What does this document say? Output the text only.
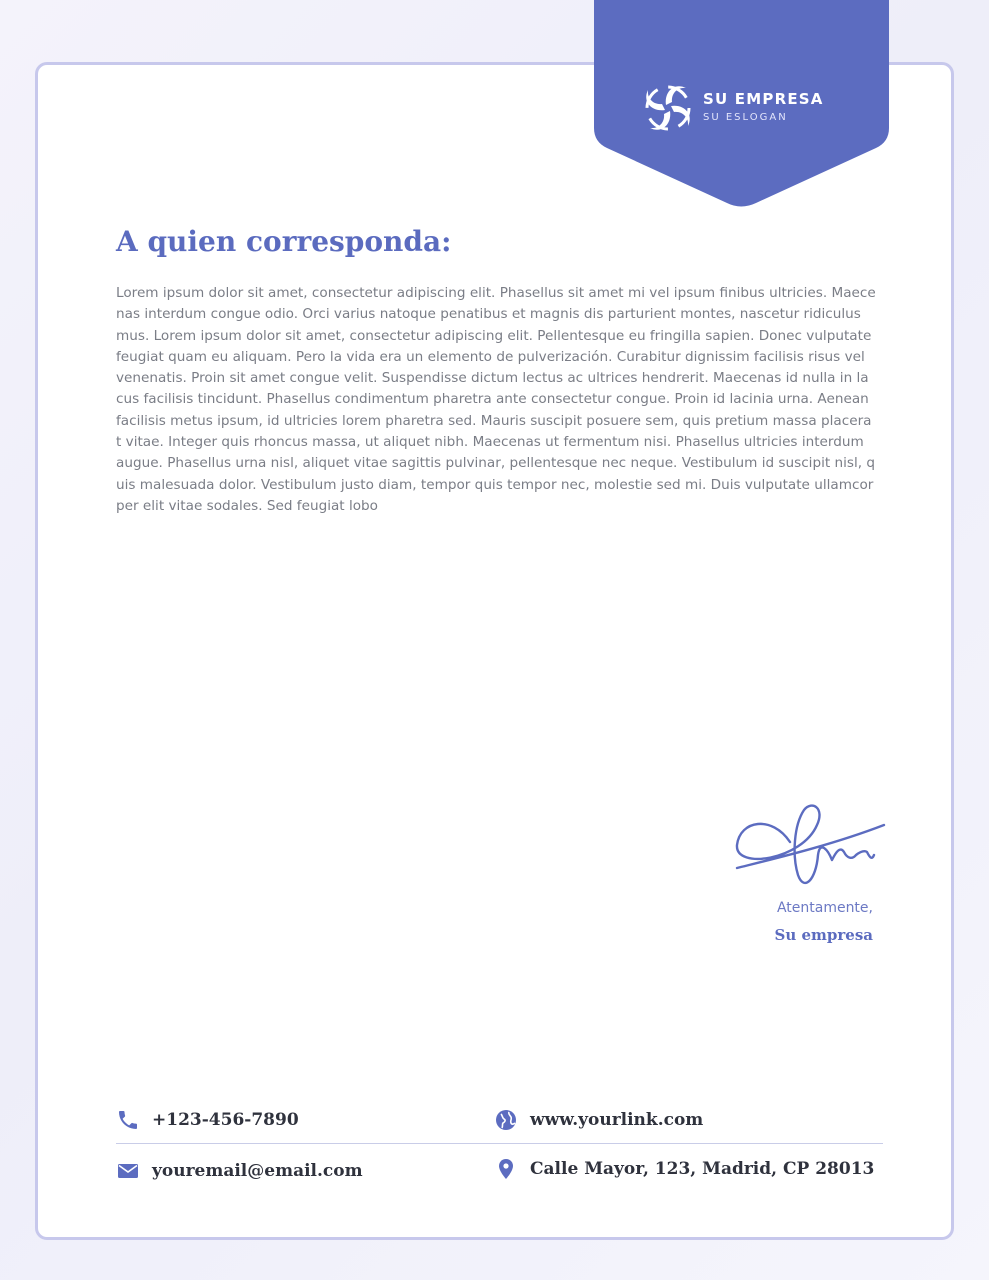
SU EMPRESA
SU ESLOGAN
A quien corresponda:

Lorem ipsum dolor sit amet, consectetur adipiscing elit. Phasellus sit amet mi vel ipsum finibus ultricies. Maecenas interdum congue odio. Orci varius natoque penatibus et magnis dis parturient montes, nascetur ridiculus mus. Lorem ipsum dolor sit amet, consectetur adipiscing elit. Pellentesque eu fringilla sapien. Donec vulputate feugiat quam eu aliquam. Pero la vida era un elemento de pulverización. Curabitur dignissim facilisis risus vel venenatis. Proin sit amet congue velit. Suspendisse dictum lectus ac ultrices hendrerit. Maecenas id nulla in lacus facilisis tincidunt. Phasellus condimentum pharetra ante consectetur congue. Proin id lacinia urna. Aenean facilisis metus ipsum, id ultricies lorem pharetra sed. Mauris suscipit posuere sem, quis pretium massa placerat vitae. Integer quis rhoncus massa, ut aliquet nibh. Maecenas ut fermentum nisi. Phasellus ultricies interdum augue. Phasellus urna nisl, aliquet vitae sagittis pulvinar, pellentesque nec neque. Vestibulum id suscipit nisl, quis malesuada dolor. Vestibulum justo diam, tempor quis tempor nec, molestie sed mi. Duis vulputate ullamcorper elit vitae sodales. Sed feugiat lobo

Atentamente,
Su empresa
+123-456-7890	www.yourlink.com
youremail@email.com	Calle Mayor, 123, Madrid, CP 28013
